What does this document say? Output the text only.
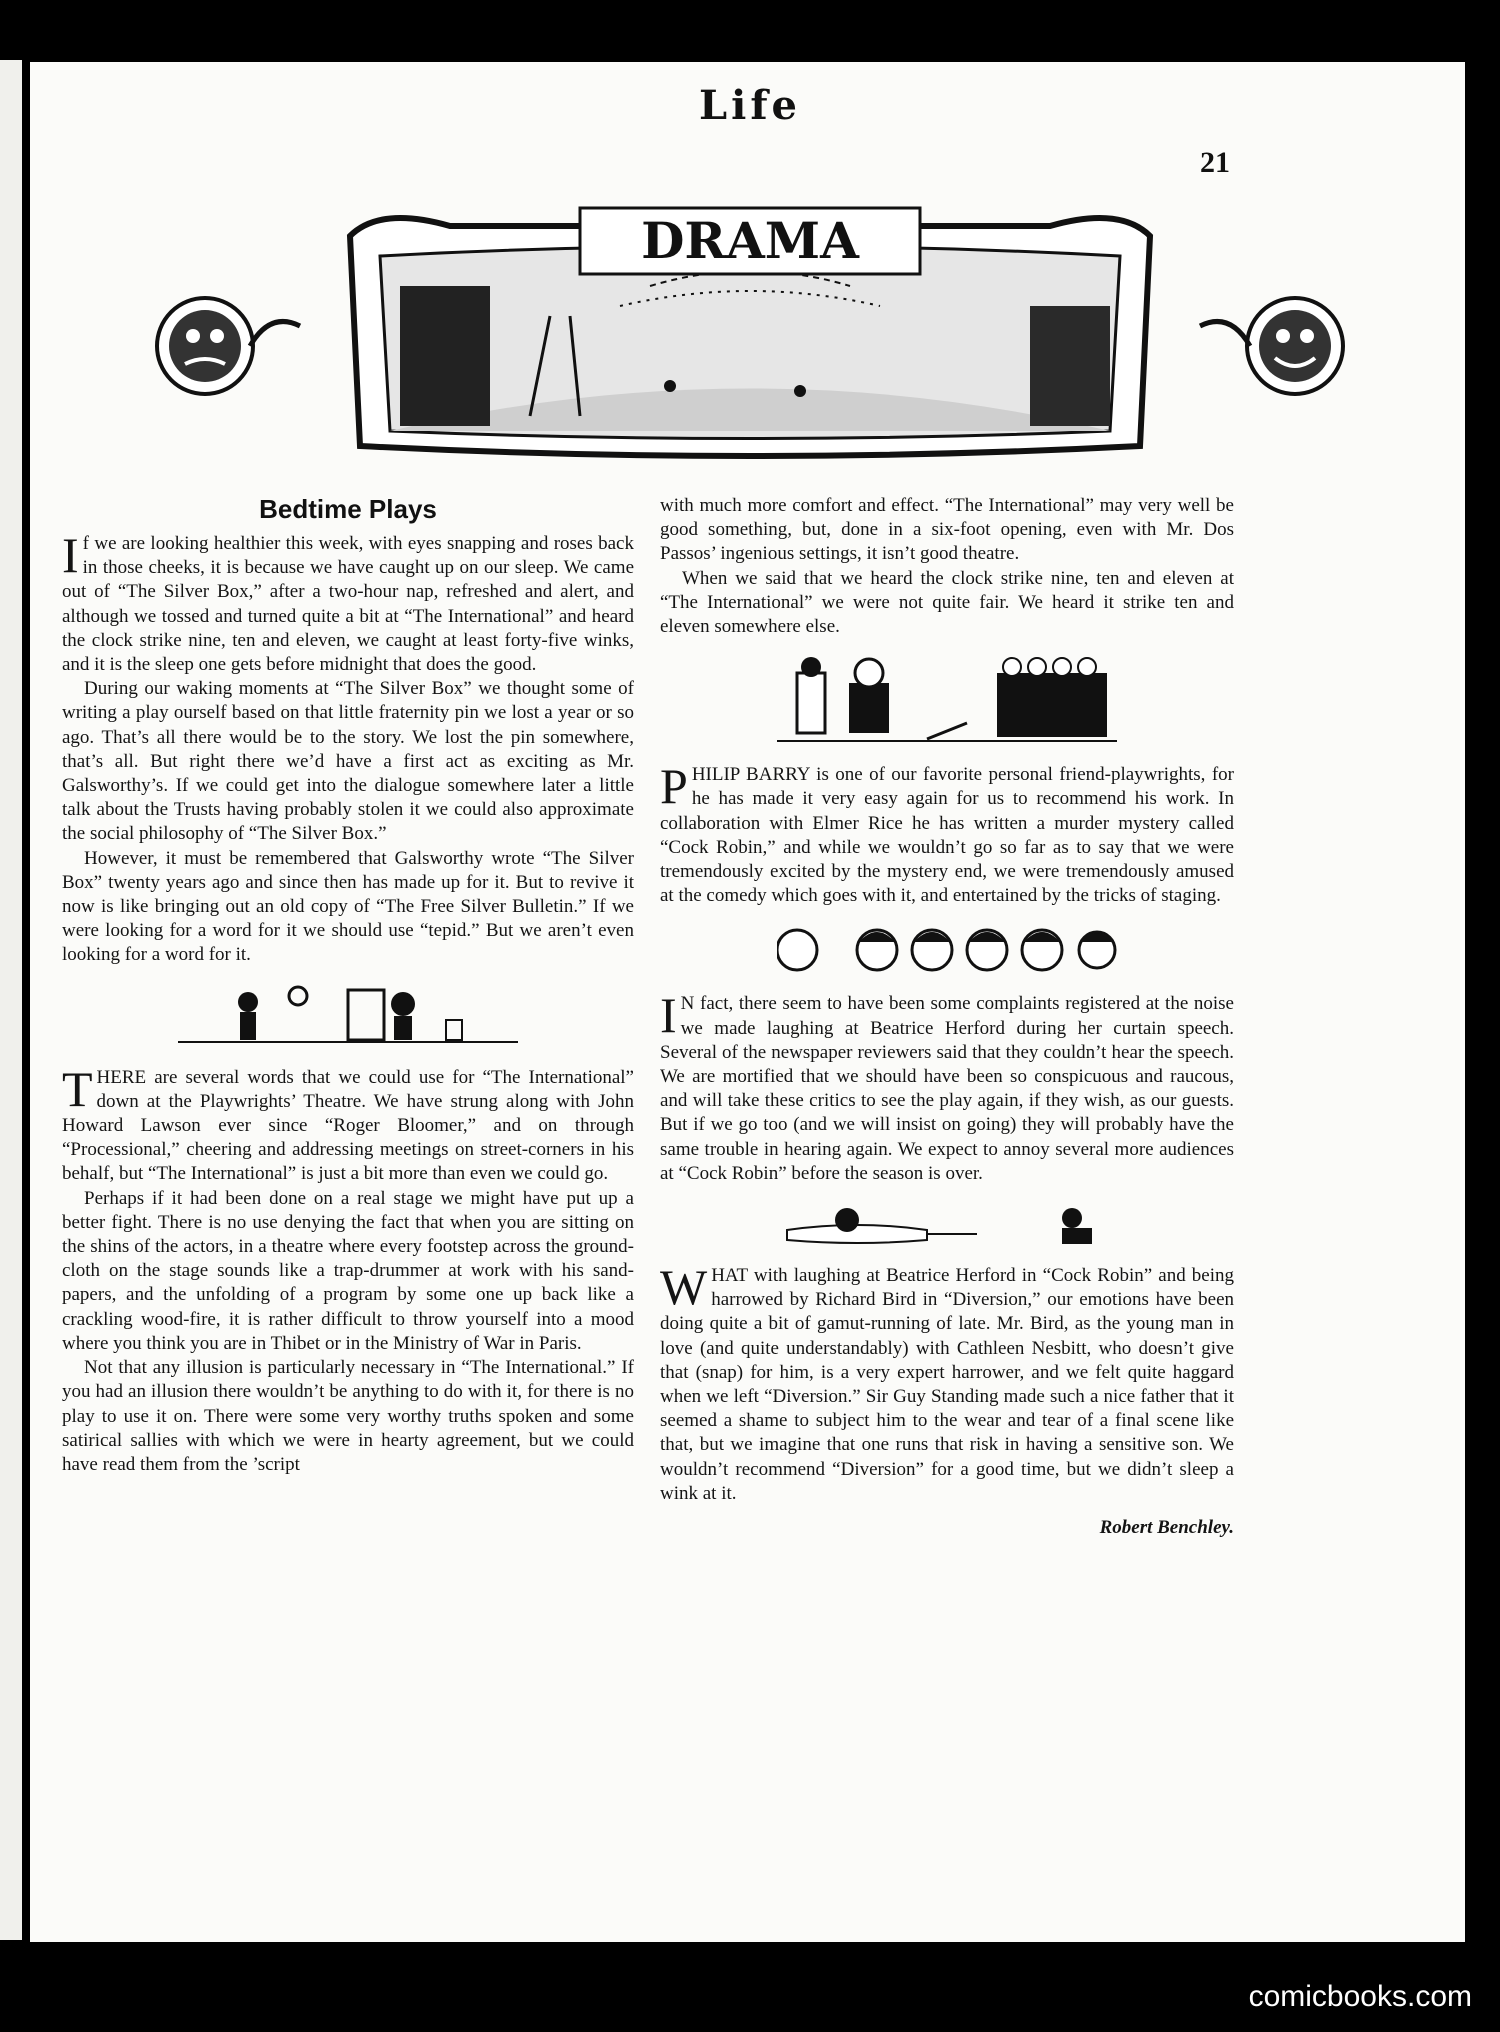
Life
21
DRAMA
Bedtime Plays

If we are looking healthier this week, with eyes snapping and roses back in those cheeks, it is because we have caught up on our sleep. We came out of “The Silver Box,” after a two-hour nap, refreshed and alert, and although we tossed and turned quite a bit at “The International” and heard the clock strike nine, ten and eleven, we caught at least forty-five winks, and it is the sleep one gets before midnight that does the good.

During our waking moments at “The Silver Box” we thought some of writing a play ourself based on that little fraternity pin we lost a year or so ago. That’s all there would be to the story. We lost the pin somewhere, that’s all. But right there we’d have a first act as exciting as Mr. Galsworthy’s. If we could get into the dialogue somewhere later a little talk about the Trusts having probably stolen it we could also approximate the social philosophy of “The Silver Box.”

However, it must be remembered that Galsworthy wrote “The Silver Box” twenty years ago and since then has made up for it. But to revive it now is like bringing out an old copy of “The Free Silver Bulletin.” If we were looking for a word for it we should use “tepid.” But we aren’t even looking for a word for it.

THERE are several words that we could use for “The International” down at the Playwrights’ Theatre. We have strung along with John Howard Lawson ever since “Roger Bloomer,” and on through “Processional,” cheering and addressing meetings on street-corners in his behalf, but “The International” is just a bit more than even we could go.

Perhaps if it had been done on a real stage we might have put up a better fight. There is no use denying the fact that when you are sitting on the shins of the actors, in a theatre where every footstep across the ground-cloth on the stage sounds like a trap-drummer at work with his sand-papers, and the unfolding of a program by some one up back like a crackling wood-fire, it is rather difficult to throw yourself into a mood where you think you are in Thibet or in the Ministry of War in Paris.

Not that any illusion is particularly necessary in “The International.” If you had an illusion there wouldn’t be anything to do with it, for there is no play to use it on. There were some very worthy truths spoken and some satirical sallies with which we were in hearty agreement, but we could have read them from the ’script

with much more comfort and effect. “The International” may very well be good something, but, done in a six-foot opening, even with Mr. Dos Passos’ ingenious settings, it isn’t good theatre.

When we said that we heard the clock strike nine, ten and eleven at “The International” we were not quite fair. We heard it strike ten and eleven somewhere else.

PHILIP BARRY is one of our favorite personal friend-playwrights, for he has made it very easy again for us to recommend his work. In collaboration with Elmer Rice he has written a murder mystery called “Cock Robin,” and while we wouldn’t go so far as to say that we were tremendously excited by the mystery end, we were tremendously amused at the comedy which goes with it, and entertained by the tricks of staging.

IN fact, there seem to have been some complaints registered at the noise we made laughing at Beatrice Herford during her curtain speech. Several of the newspaper reviewers said that they couldn’t hear the speech. We are mortified that we should have been so conspicuous and raucous, and will take these critics to see the play again, if they wish, as our guests. But if we go too (and we will insist on going) they will probably have the same trouble in hearing again. We expect to annoy several more audiences at “Cock Robin” before the season is over.

WHAT with laughing at Beatrice Herford in “Cock Robin” and being harrowed by Richard Bird in “Diversion,” our emotions have been doing quite a bit of gamut-running of late. Mr. Bird, as the young man in love (and quite understandably) with Cathleen Nesbitt, who doesn’t give that (snap) for him, is a very expert harrower, and we felt quite haggard when we left “Diversion.” Sir Guy Standing made such a nice father that it seemed a shame to subject him to the wear and tear of a final scene like that, but we imagine that one runs that risk in having a sensitive son. We wouldn’t recommend “Diversion” for a good time, but we didn’t sleep a wink at it.

Robert Benchley.
comicbooks.com
